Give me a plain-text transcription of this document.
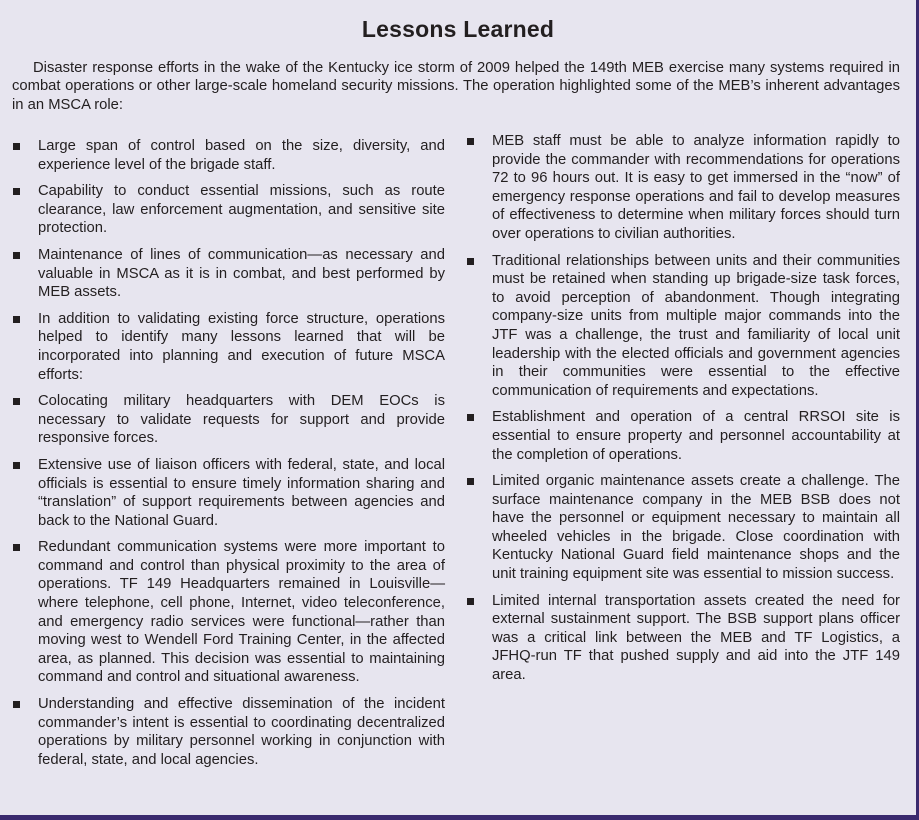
Lessons Learned

Disaster response efforts in the wake of the Kentucky ice storm of 2009 helped the 149th MEB exercise many systems required in combat operations or other large-scale homeland security missions. The operation highlighted some of the MEB’s inherent advantages in an MSCA role:

Large span of control based on the size, diversity, and experience level of the brigade staff.
Capability to conduct essential missions, such as route clearance, law enforcement augmentation, and sensitive site protection.
Maintenance of lines of communication—as necessary and valuable in MSCA as it is in combat, and best performed by MEB assets.
In addition to validating existing force structure, operations helped to identify many lessons learned that will be incorporated into planning and execution of future MSCA efforts:
Colocating military headquarters with DEM EOCs is necessary to validate requests for support and provide responsive forces.
Extensive use of liaison officers with federal, state, and local officials is essential to ensure timely information sharing and “translation” of support requirements between agencies and back to the National Guard.
Redundant communication systems were more important to command and control than physical proximity to the area of operations. TF 149 Headquarters remained in Louisville—where telephone, cell phone, Internet, video teleconference, and emergency radio services were functional—rather than moving west to Wendell Ford Training Center, in the affected area, as planned. This decision was essential to maintaining command and control and situational awareness.
Understanding and effective dissemination of the incident commander’s intent is essential to coordinating decentralized operations by military personnel working in conjunction with federal, state, and local agencies.
MEB staff must be able to analyze information rapidly to provide the commander with recommendations for operations 72 to 96 hours out. It is easy to get immersed in the “now” of emergency response operations and fail to develop measures of effectiveness to determine when military forces should turn over operations to civilian authorities.
Traditional relationships between units and their communities must be retained when standing up brigade-size task forces, to avoid perception of abandonment. Though integrating company-size units from multiple major commands into the JTF was a challenge, the trust and familiarity of local unit leadership with the elected officials and government agencies in their communities were essential to the effective communication of requirements and expectations.
Establishment and operation of a central RRSOI site is essential to ensure property and personnel accountability at the completion of operations.
Limited organic maintenance assets create a challenge. The surface maintenance company in the MEB BSB does not have the personnel or equipment necessary to maintain all wheeled vehicles in the brigade. Close coordination with Kentucky National Guard field maintenance shops and the unit training equipment site was essential to mission success.
Limited internal transportation assets created the need for external sustainment support. The BSB support plans officer was a critical link between the MEB and TF Logistics, a JFHQ-run TF that pushed supply and aid into the JTF 149 area.
